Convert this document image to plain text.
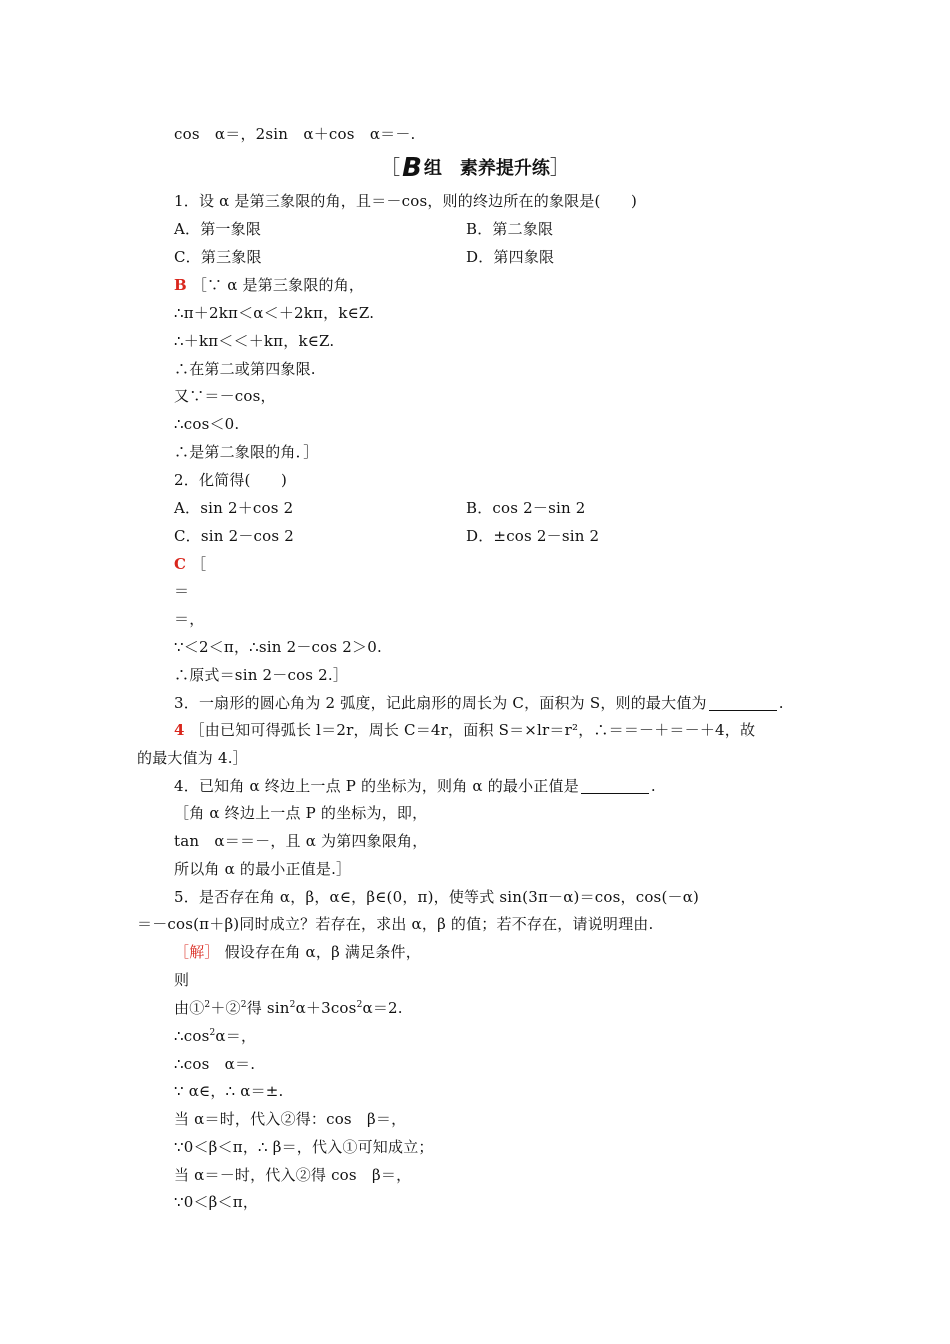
cos　α＝，2sin　α＋cos　α＝－.
［B 组　素养提升练］
1．设 α 是第三象限的角，且＝－cos，则的终边所在的象限是(　　)
A．第一象限	B．第二象限
C．第三象限	D．第四象限
B ［∵ α 是第三象限的角，
∴π＋2kπ＜α＜＋2kπ，k∈Z.
∴＋kπ＜＜＋kπ，k∈Z.
∴在第二或第四象限.
又∵＝－cos，
∴cos＜0.
∴是第二象限的角．］
2．化简得(　　)
A．sin 2＋cos 2	B．cos 2－sin 2
C．sin 2－cos 2	D．±cos 2－sin 2
C ［
＝
＝，
∵＜2＜π，∴sin 2－cos 2＞0.
∴原式＝sin 2－cos 2.］
3．一扇形的圆心角为 2 弧度，记此扇形的周长为 C，面积为 S，则的最大值为	.
4 ［由已知可得弧长 l＝2r，周长 C＝4r，面积 S＝×lr＝r²，∴＝＝－＋＝－＋4，故
的最大值为 4.］
4．已知角 α 终边上一点 P 的坐标为，则角 α 的最小正值是	.
［角 α 终边上一点 P 的坐标为，即，
tan　α＝＝－，且 α 为第四象限角，
所以角 α 的最小正值是.］
5．是否存在角 α，β，α∈，β∈(0，π)，使等式 sin(3π－α)＝cos，cos(－α)
＝－cos(π＋β)同时成立？若存在，求出 α，β 的值；若不存在，请说明理由.
［解］ 假设存在角 α，β 满足条件，
则
由①$^2$＋②$^2$得 $\sin^2\alpha+3\cos^2\alpha=2$.
$\therefore\cos^2\alpha=$，
∴cos　α＝.
∵ α∈，∴ α＝±.
当 α＝时，代入②得：cos　β＝，
∵0＜β＜π，∴ β＝，代入①可知成立；
当 α＝－时，代入②得 cos　β＝，
∵0＜β＜π，
